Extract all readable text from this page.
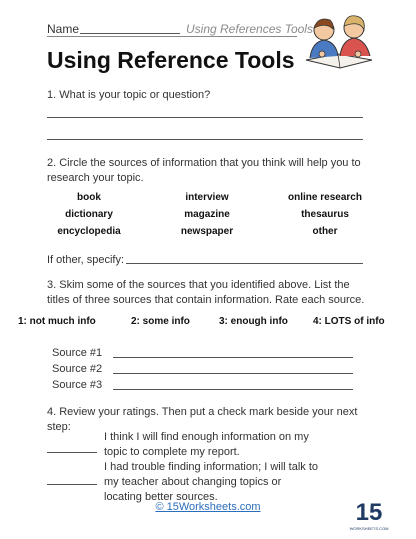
Name	Using References Tools
Using Reference Tools
1. What is your topic or question?
2. Circle the sources of information that you think will help you to research your topic.
book	interview	online research
dictionary	magazine	thesaurus
encyclopedia	newspaper	other
If other, specify:
3. Skim some of the sources that you identified above. List the titles of three sources that contain information. Rate each source.
1: not much info	2: some info	3: enough info	4: LOTS of info
Source #1
Source #2
Source #3
4. Review your ratings. Then put a check mark beside your next step:
I think I will find enough information on my topic to complete my report.
I had trouble finding information; I will talk to my teacher about changing topics or locating better sources.
© 15Worksheets.com	15
WORKSHEETS.COM
